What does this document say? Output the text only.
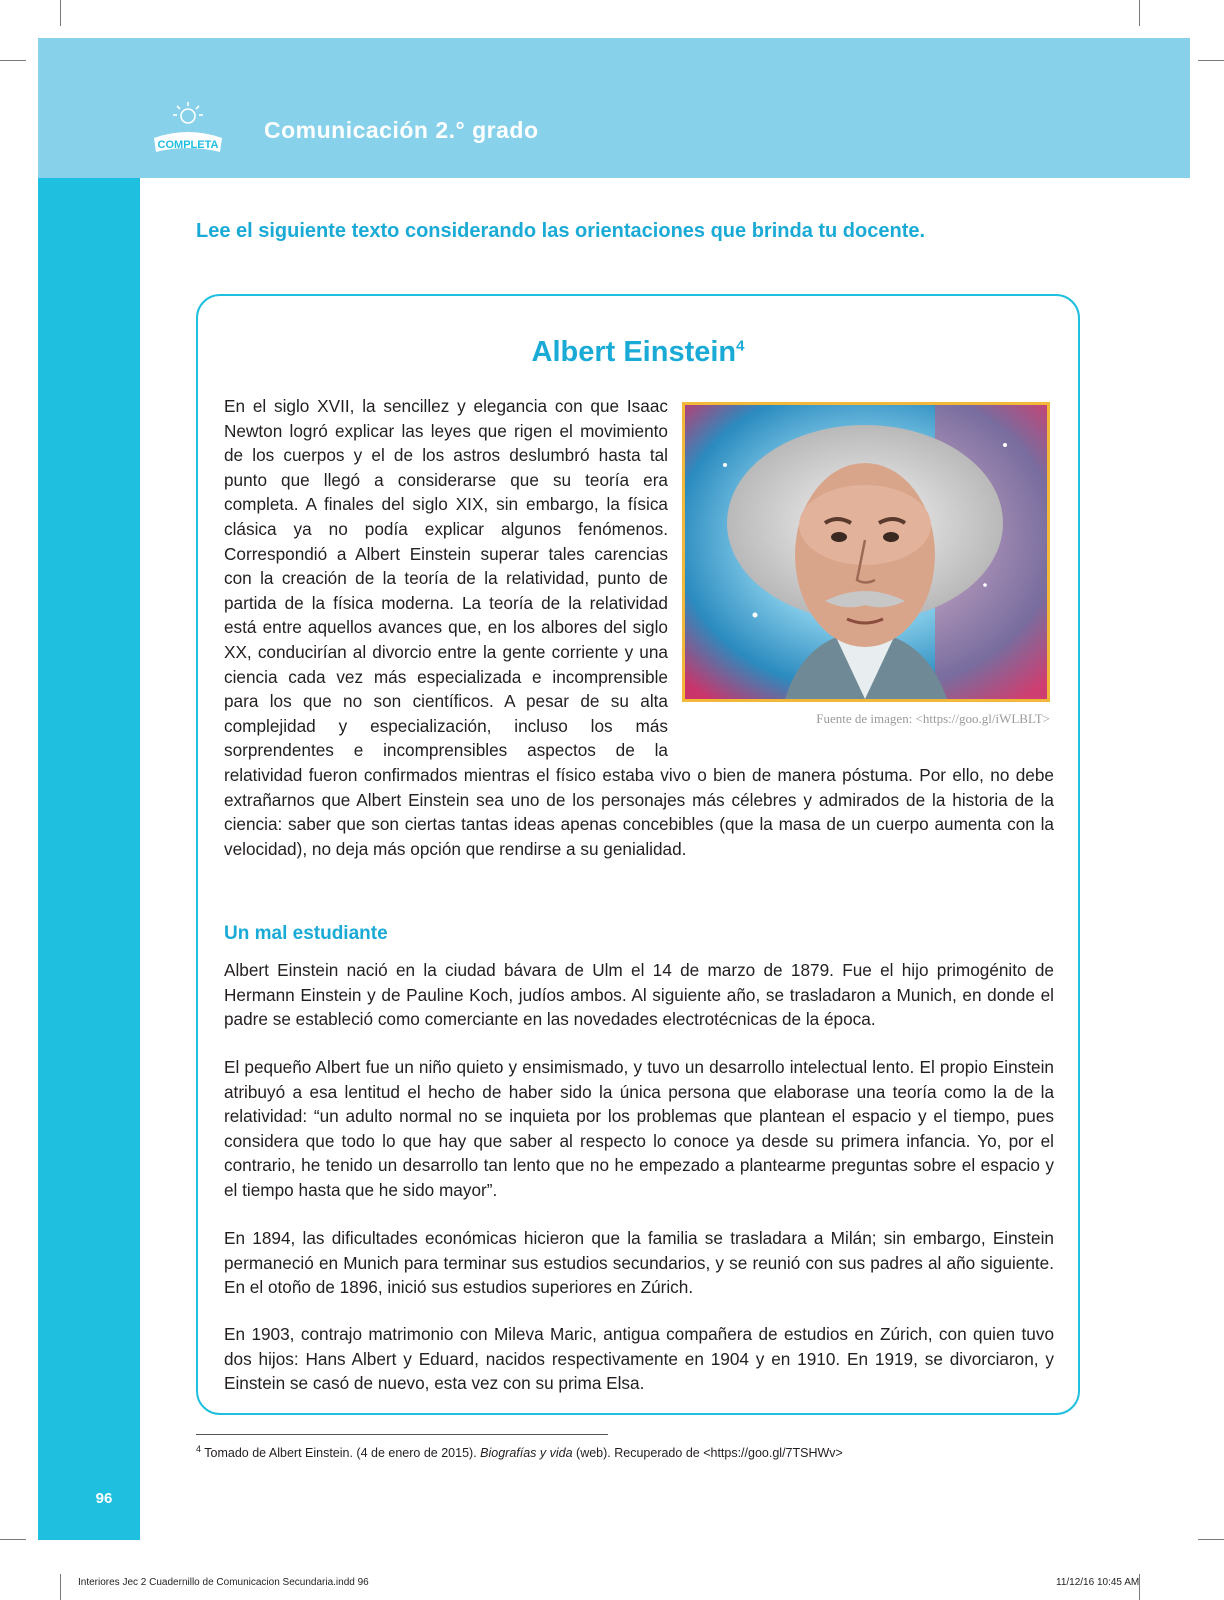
COMPLETA
Comunicación 2.° grado
Lee el siguiente texto considerando las orientaciones que brinda tu docente.
Albert Einstein$^4$

Fuente de imagen: <https://goo.gl/iWLBLT>
En el siglo XVII, la sencillez y elegancia con que Isaac Newton logró explicar las leyes que rigen el movimiento de los cuerpos y el de los astros deslumbró hasta tal punto que llegó a considerarse que su teoría era completa. A finales del siglo XIX, sin embargo, la física clásica ya no podía explicar algunos fenómenos. Correspondió a Albert Einstein superar tales carencias con la creación de la teoría de la relatividad, punto de partida de la física moderna. La teoría de la relatividad está entre aquellos avances que, en los albores del siglo XX, conducirían al divorcio entre la gente corriente y una ciencia cada vez más especializada e incomprensible para los que no son científicos. A pesar de su alta complejidad y especialización, incluso los más sorprendentes e incomprensibles aspectos de la relatividad fueron confirmados mientras el físico estaba vivo o bien de manera póstuma. Por ello, no debe extrañarnos que Albert Einstein sea uno de los personajes más célebres y admirados de la historia de la ciencia: saber que son ciertas tantas ideas apenas concebibles (que la masa de un cuerpo aumenta con la velocidad), no deja más opción que rendirse a su genialidad.

Un mal estudiante

Albert Einstein nació en la ciudad bávara de Ulm el 14 de marzo de 1879. Fue el hijo primogénito de Hermann Einstein y de Pauline Koch, judíos ambos. Al siguiente año, se trasladaron a Munich, en donde el padre se estableció como comerciante en las novedades electrotécnicas de la época.

El pequeño Albert fue un niño quieto y ensimismado, y tuvo un desarrollo intelectual lento. El propio Einstein atribuyó a esa lentitud el hecho de haber sido la única persona que elaborase una teoría como la de la relatividad: “un adulto normal no se inquieta por los problemas que plantean el espacio y el tiempo, pues considera que todo lo que hay que saber al respecto lo conoce ya desde su primera infancia. Yo, por el contrario, he tenido un desarrollo tan lento que no he empezado a plantearme preguntas sobre el espacio y el tiempo hasta que he sido mayor”.

En 1894, las dificultades económicas hicieron que la familia se trasladara a Milán; sin embargo, Einstein permaneció en Munich para terminar sus estudios secundarios, y se reunió con sus padres al año siguiente. En el otoño de 1896, inició sus estudios superiores en Zúrich.

En 1903, contrajo matrimonio con Mileva Maric, antigua compañera de estudios en Zúrich, con quien tuvo dos hijos: Hans Albert y Eduard, nacidos respectivamente en 1904 y en 1910. En 1919, se divorciaron, y Einstein se casó de nuevo, esta vez con su prima Elsa.

$^4$ Tomado de Albert Einstein. (4 de enero de 2015). Biografías y vida (web). Recuperado de <https://goo.gl/7TSHWv>
96
Interiores Jec 2 Cuadernillo de Comunicacion Secundaria.indd 96	11/12/16 10:45 AM
